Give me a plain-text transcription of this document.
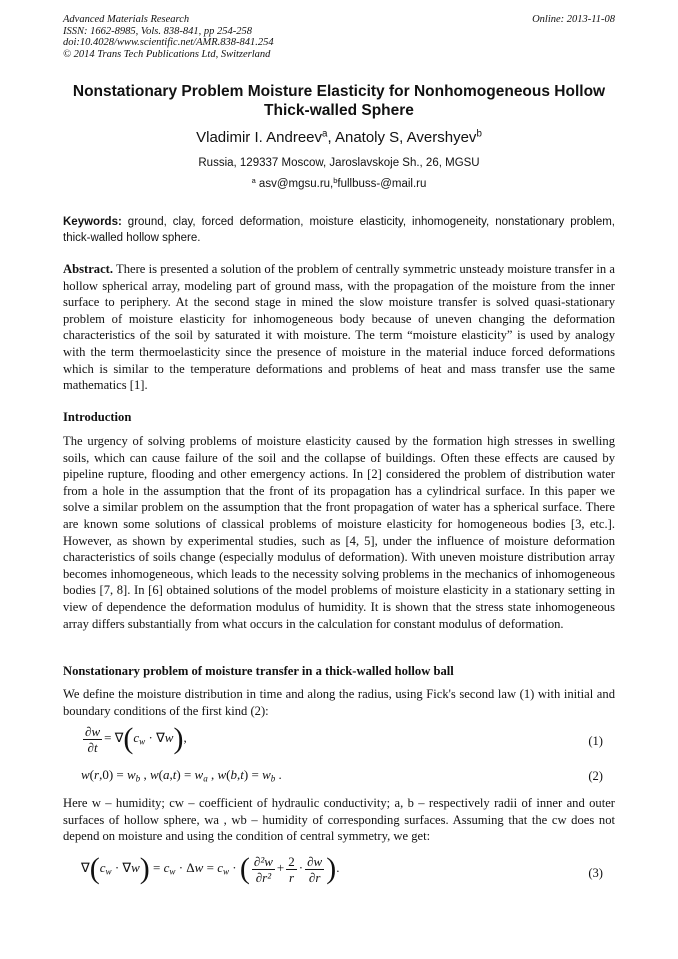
Advanced Materials Research
ISSN: 1662-8985, Vols. 838-841, pp 254-258
doi:10.4028/www.scientific.net/AMR.838-841.254
© 2014 Trans Tech Publications Ltd, Switzerland
Online: 2013-11-08
Nonstationary Problem Moisture Elasticity for Nonhomogeneous Hollow Thick-walled Sphere
Vladimir I. Andreev$^a$, Anatoly S, Avershyev$^b$
Russia, 129337 Moscow, Jaroslavskoje Sh., 26, MGSU
$^a$ asv@mgsu.ru,$^b$fullbuss-@mail.ru
Keywords: ground, clay, forced deformation, moisture elasticity, inhomogeneity, nonstationary problem, thick-walled hollow sphere.
Abstract. There is presented a solution of the problem of centrally symmetric unsteady moisture transfer in a hollow spherical array, modeling part of ground mass, with the propagation of the moisture from the inner surface to periphery. At the second stage in mined the slow moisture transfer is solved quasi-stationary problem of moisture elasticity for inhomogeneous body because of uneven changing the deformation characteristics of the soil by saturated it with moisture. The term “moisture elasticity” is used by analogy with the term thermoelasticity since the presence of moisture in the material induce forced deformations which is similar to the temperature deformations and problems of heat and mass transfer use the same mathematics [1].
Introduction
The urgency of solving problems of moisture elasticity caused by the formation high stresses in swelling soils, which can cause failure of the soil and the collapse of buildings. Often these effects are caused by pipeline rupture, flooding and other emergency actions. In [2] considered the problem of distribution water from a hole in the assumption that the front of its propagation has a cylindrical surface. In this paper we solve a similar problem on the assumption that the front propagation of water has a spherical surface. There are known some solutions of classical problems of moisture elasticity for homogeneous bodies [3, etc.]. However, as shown by experimental studies, such as [4, 5], under the influence of moisture deformation characteristics of soils change (especially modulus of deformation). With uneven moisture distribution array becomes inhomogeneous, which leads to the necessity solving problems in the mechanics of inhomogeneous bodies [7, 8]. In [6] obtained solutions of the model problems of moisture elasticity in a stationary setting in view of dependence the deformation modulus of humidity. It is shown that the stress state inhomogeneous array differs substantially from what occurs in the calculation for constant modulus of deformation.
Nonstationary problem of moisture transfer in a thick-walled hollow ball
We define the moisture distribution in time and along the radius, using Fick's second law (1) with initial and boundary conditions of the first kind (2):
$\frac{\partial w}{\partial t} = \nabla(c_w \cdot \nabla w)$,	(1)
$w(r,0) = w_b$ , $w(a,t) = w_a$ , $w(b,t) = w_b$ .	(2)
Here w – humidity; cw – coefficient of hydraulic conductivity; a, b – respectively radii of inner and outer surfaces of hollow sphere, wa , wb – humidity of corresponding surfaces. Assuming that the cw does not depend on moisture and using the condition of central symmetry, we get:
$\nabla(c_w \cdot \nabla w) = c_w \cdot \Delta w = c_w$ · ( $\frac{\text{∂²w}}{\text{∂r²}} + \frac{2}{r} \cdot \frac{\partial w}{\partial r}$ ).	(3)
